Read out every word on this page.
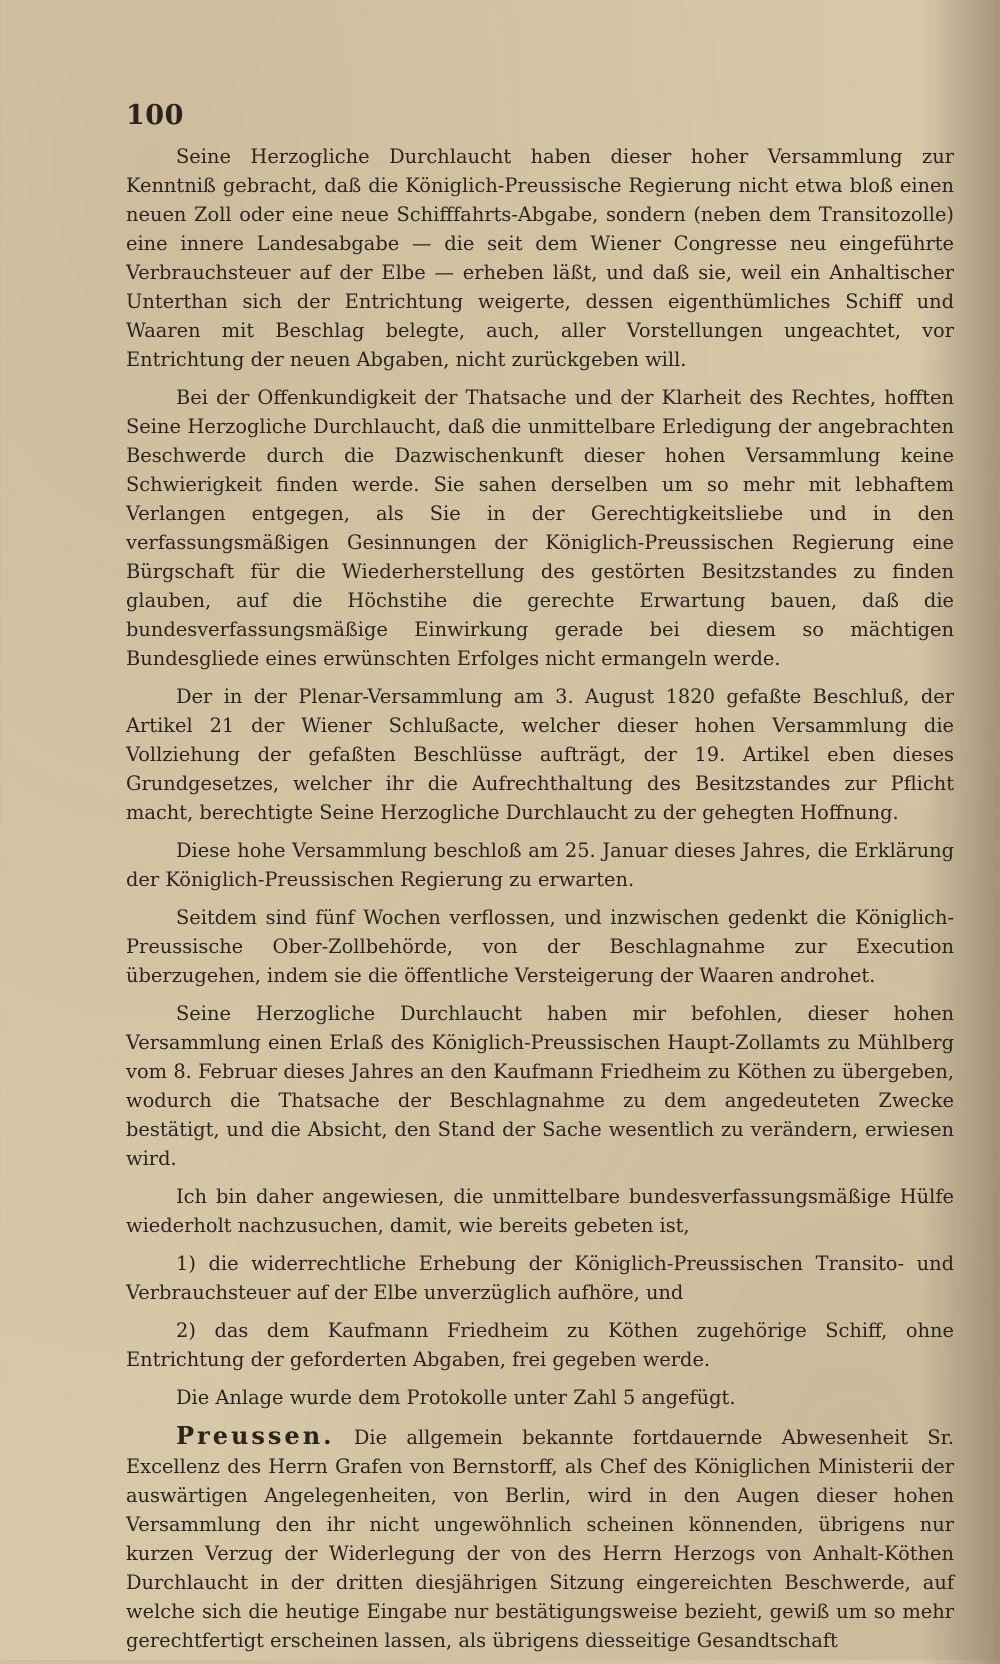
100

Seine Herzogliche Durchlaucht haben dieser hoher Versammlung zur Kenntniß gebracht, daß die Königlich-Preussische Regierung nicht etwa bloß einen neuen Zoll oder eine neue Schifffahrts-Abgabe, sondern (neben dem Transitozolle) eine innere Landesabgabe — die seit dem Wiener Congresse neu eingeführte Verbrauchsteuer auf der Elbe — erheben läßt, und daß sie, weil ein Anhaltischer Unterthan sich der Entrichtung weigerte, dessen eigenthümliches Schiff und Waaren mit Beschlag belegte, auch, aller Vorstellungen ungeachtet, vor Entrichtung der neuen Abgaben, nicht zurückgeben will.

Bei der Offenkundigkeit der Thatsache und der Klarheit des Rechtes, hofften Seine Herzogliche Durchlaucht, daß die unmittelbare Erledigung der angebrachten Beschwerde durch die Dazwischenkunft dieser hohen Versammlung keine Schwierigkeit finden werde. Sie sahen derselben um so mehr mit lebhaftem Verlangen entgegen, als Sie in der Gerechtigkeitsliebe und in den verfassungsmäßigen Gesinnungen der Königlich-Preussischen Regierung eine Bürgschaft für die Wiederherstellung des gestörten Besitzstandes zu finden glauben, auf die Höchstihe die gerechte Erwartung bauen, daß die bundesverfassungsmäßige Einwirkung gerade bei diesem so mächtigen Bundesgliede eines erwünschten Erfolges nicht ermangeln werde.

Der in der Plenar-Versammlung am 3. August 1820 gefaßte Beschluß, der Artikel 21 der Wiener Schlußacte, welcher dieser hohen Versammlung die Vollziehung der gefaßten Beschlüsse aufträgt, der 19. Artikel eben dieses Grundgesetzes, welcher ihr die Aufrechthaltung des Besitzstandes zur Pflicht macht, berechtigte Seine Herzogliche Durchlaucht zu der gehegten Hoffnung.

Diese hohe Versammlung beschloß am 25. Januar dieses Jahres, die Erklärung der Königlich-Preussischen Regierung zu erwarten.

Seitdem sind fünf Wochen verflossen, und inzwischen gedenkt die Königlich-Preussische Ober-Zollbehörde, von der Beschlagnahme zur Execution überzugehen, indem sie die öffentliche Versteigerung der Waaren androhet.

Seine Herzogliche Durchlaucht haben mir befohlen, dieser hohen Versammlung einen Erlaß des Königlich-Preussischen Haupt-Zollamts zu Mühlberg vom 8. Februar dieses Jahres an den Kaufmann Friedheim zu Köthen zu übergeben, wodurch die Thatsache der Beschlagnahme zu dem angedeuteten Zwecke bestätigt, und die Absicht, den Stand der Sache wesentlich zu verändern, erwiesen wird.

Ich bin daher angewiesen, die unmittelbare bundesverfassungsmäßige Hülfe wiederholt nachzusuchen, damit, wie bereits gebeten ist,

1) die widerrechtliche Erhebung der Königlich-Preussischen Transito- und Verbrauchsteuer auf der Elbe unverzüglich aufhöre, und

2) das dem Kaufmann Friedheim zu Köthen zugehörige Schiff, ohne Entrichtung der geforderten Abgaben, frei gegeben werde.

Die Anlage wurde dem Protokolle unter Zahl 5 angefügt.

Preussen. Die allgemein bekannte fortdauernde Abwesenheit Sr. Excellenz des Herrn Grafen von Bernstorff, als Chef des Königlichen Ministerii der auswärtigen Angelegenheiten, von Berlin, wird in den Augen dieser hohen Versammlung den ihr nicht ungewöhnlich scheinen könnenden, übrigens nur kurzen Verzug der Widerlegung der von des Herrn Herzogs von Anhalt-Köthen Durchlaucht in der dritten diesjährigen Sitzung eingereichten Beschwerde, auf welche sich die heutige Eingabe nur bestätigungsweise bezieht, gewiß um so mehr gerechtfertigt erscheinen lassen, als übrigens diesseitige Gesandtschaft
